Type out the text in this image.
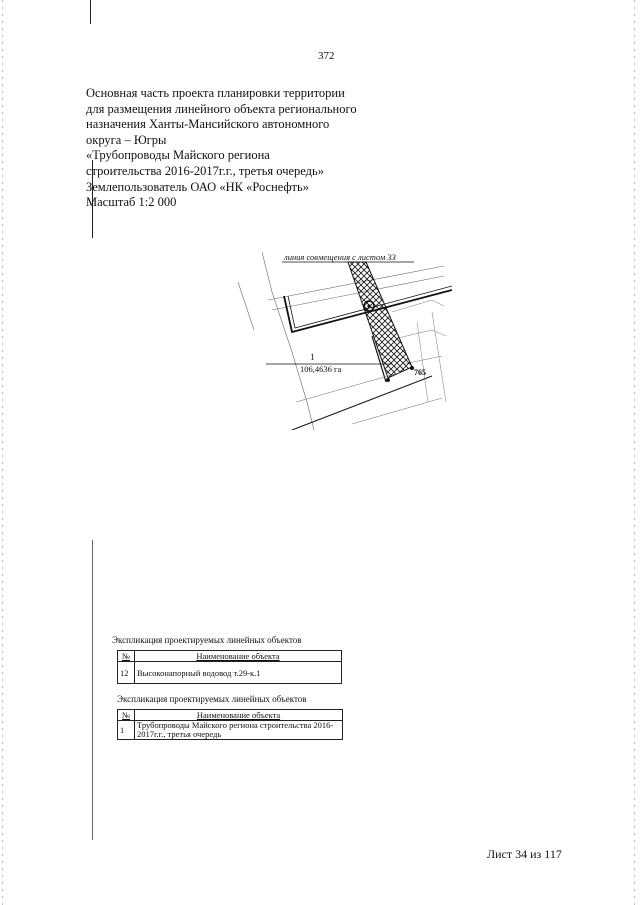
372
Основная часть проекта планировки территории
для размещения линейного объекта регионального
назначения Ханты-Мансийского автономного
округа – Югры
«Трубопроводы Майского региона
строительства 2016-2017г.г., третья очередь»
Землепользователь ОАО «НК «Роснефть»
Масштаб 1:2 000
линия совмещения с листом 33
1
106,4636 га	765
Экспликация проектируемых линейных объектов
№	Наименование объекта
12	Высоконапорный водовод т.29-к.1
Экспликация проектируемых линейных объектов
№	Наименование объекта
1	Трубопроводы Майского региона строительства 2016-2017г.г., третья очередь
Лист 34 из 117
